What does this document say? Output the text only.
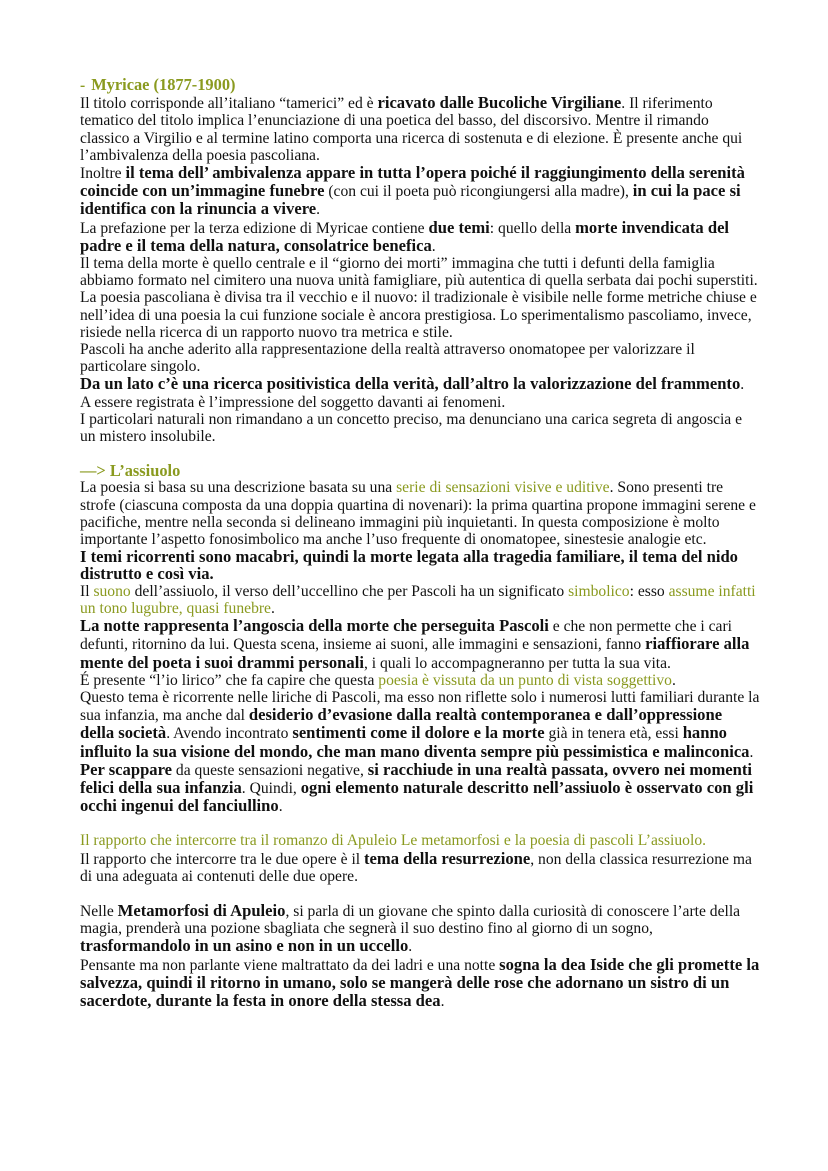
- Myricae (1877-1900)

Il titolo corrisponde all’italiano “tamerici” ed è ricavato dalle Bucoliche Virgiliane. Il riferimento tematico del titolo implica l’enunciazione di una poetica del basso, del discorsivo. Mentre il rimando classico a Virgilio e al termine latino comporta una ricerca di sostenuta e di elezione. È presente anche qui l’ambivalenza della poesia pascoliana.

Inoltre il tema dell’ ambivalenza appare in tutta l’opera poiché il raggiungimento della serenità coincide con un’immagine funebre (con cui il poeta può ricongiungersi alla madre), in cui la pace si identifica con la rinuncia a vivere.

La prefazione per la terza edizione di Myricae contiene due temi: quello della morte invendicata del padre e il tema della natura, consolatrice benefica.

Il tema della morte è quello centrale e il “giorno dei morti” immagina che tutti i defunti della famiglia abbiamo formato nel cimitero una nuova unità famigliare, più autentica di quella serbata dai pochi superstiti.

La poesia pascoliana è divisa tra il vecchio e il nuovo: il tradizionale è visibile nelle forme metriche chiuse e nell’idea di una poesia la cui funzione sociale è ancora prestigiosa. Lo sperimentalismo pascoliamo, invece, risiede nella ricerca di un rapporto nuovo tra metrica e stile.

Pascoli ha anche aderito alla rappresentazione della realtà attraverso onomatopee per valorizzare il particolare singolo.

Da un lato c’è una ricerca positivistica della verità, dall’altro la valorizzazione del frammento.

A essere registrata è l’impressione del soggetto davanti ai fenomeni.

I particolari naturali non rimandano a un concetto preciso, ma denunciano una carica segreta di angoscia e un mistero insolubile.

—> L’assiuolo

La poesia si basa su una descrizione basata su una serie di sensazioni visive e uditive. Sono presenti tre strofe (ciascuna composta da una doppia quartina di novenari): la prima quartina propone immagini serene e pacifiche, mentre nella seconda si delineano immagini più inquietanti. In questa composizione è molto importante l’aspetto fonosimbolico ma anche l’uso frequente di onomatopee, sinestesie analogie etc.

I temi ricorrenti sono macabri, quindi la morte legata alla tragedia familiare, il tema del nido distrutto e così via.

Il suono dell’assiuolo, il verso dell’uccellino che per Pascoli ha un significato simbolico: esso assume infatti un tono lugubre, quasi funebre.

La notte rappresenta l’angoscia della morte che perseguita Pascoli e che non permette che i cari defunti, ritornino da lui. Questa scena, insieme ai suoni, alle immagini e sensazioni, fanno riaffiorare alla mente del poeta i suoi drammi personali, i quali lo accompagneranno per tutta la sua vita.

É presente “l’io lirico” che fa capire che questa poesia è vissuta da un punto di vista soggettivo.

Questo tema è ricorrente nelle liriche di Pascoli, ma esso non riflette solo i numerosi lutti familiari durante la sua infanzia, ma anche dal desiderio d’evasione dalla realtà contemporanea e dall’oppressione della società. Avendo incontrato sentimenti come il dolore e la morte già in tenera età, essi hanno influito la sua visione del mondo, che man mano diventa sempre più pessimistica e malinconica.

Per scappare da queste sensazioni negative, si racchiude in una realtà passata, ovvero nei momenti felici della sua infanzia. Quindi, ogni elemento naturale descritto nell’assiuolo è osservato con gli occhi ingenui del fanciullino.

Il rapporto che intercorre tra il romanzo di Apuleio Le metamorfosi e la poesia di pascoli L’assiuolo.

Il rapporto che intercorre tra le due opere è il tema della resurrezione, non della classica resurrezione ma di una adeguata ai contenuti delle due opere.

Nelle Metamorfosi di Apuleio, si parla di un giovane che spinto dalla curiosità di conoscere l’arte della magia, prenderà una pozione sbagliata che segnerà il suo destino fino al giorno di un sogno, trasformandolo in un asino e non in un uccello.

Pensante ma non parlante viene maltrattato da dei ladri e una notte sogna la dea Iside che gli promette la salvezza, quindi il ritorno in umano, solo se mangerà delle rose che adornano un sistro di un sacerdote, durante la festa in onore della stessa dea.
